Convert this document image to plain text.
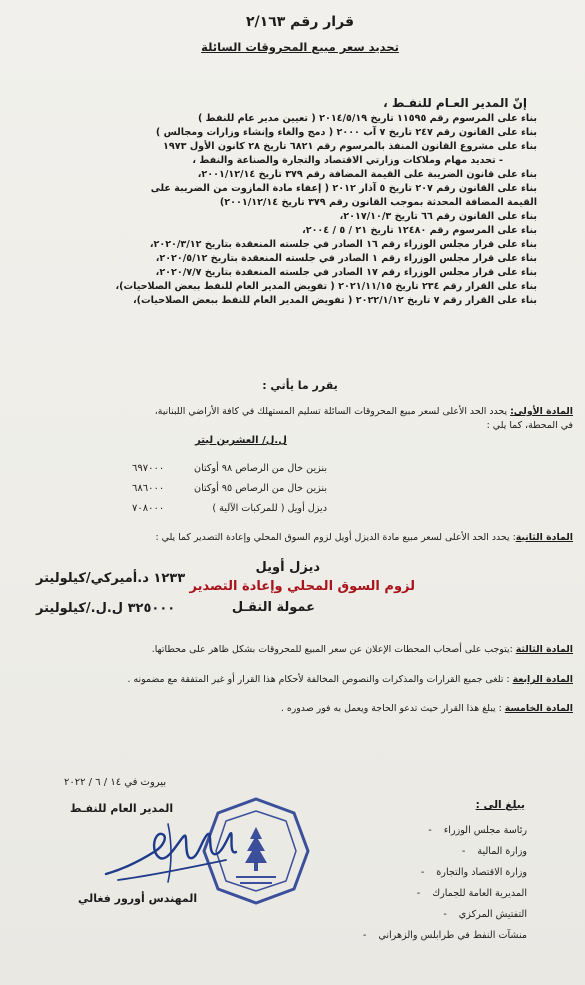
قرار رقم ٢/١٦٣
تحديد سعر مبيع المحروقات السائلة
إنّ المدير العـام للنفـط ،
بناء على المرسوم رقم ١١٥٩٥ تاريخ ٢٠١٤/٥/١٩ ( تعيين مدير عام للنفط )
بناء على القانون رقم ٢٤٧ تاريخ ٧ آب ٢٠٠٠ ( دمج والغاء وإنشاء وزارات ومجالس )
بناء على مشروع القانون المنفذ بالمرسوم رقم ٦٨٢١ تاريخ ٢٨ كانون الأول ١٩٧٣
- تحديد مهام وملاكات وزارتي الاقتصاد والتجارة والصناعة والنفط ،
بناء على قانون الضريبة على القيمة المضافة رقم ٣٧٩ تاريخ ٢٠٠١/١٢/١٤،
بناء على القانون رقم ٢٠٧ تاريخ ٥ آذار ٢٠١٢ ( إعفاء مادة المازوت من الضريبة على
القيمة المضافة المحدثة بموجب القانون رقم ٣٧٩ تاريخ ٢٠٠١/١٢/١٤)
بناء على القانون رقم ٦٦ تاريخ ٢٠١٧/١٠/٣،
بناء على المرسوم رقم ١٢٤٨٠ تاريخ ٢١ / ٥ / ٢٠٠٤،
بناء على قرار مجلس الوزراء رقم ١٦ الصادر في جلسته المنعقدة بتاريخ ٢٠٢٠/٣/١٢،
بناء على قرار مجلس الوزراء رقم ١ الصادر في جلسته المنعقدة بتاريخ ٢٠٢٠/٥/١٢،
بناء على قرار مجلس الوزراء رقم ١٧ الصادر في جلسته المنعقدة بتاريخ ٢٠٢٠/٧/٧،
بناء على القرار رقم ٢٣٤ تاريخ ٢٠٢١/١١/١٥ ( تفويض المدير العام للنفط ببعض الصلاحيات)،
بناء على القرار رقم ٧ تاريخ ٢٠٢٢/١/١٢ ( تفويض المدير العام للنفط ببعض الصلاحيات)،
يقرر ما يأتي :
المادة الأولى: يحدد الحد الأعلى لسعر مبيع المحروقات السائلة تسليم المستهلك في كافة الأراضي اللبنانية،
في المحطة، كما يلي :
ل.ل/ العشرين ليتر
بنزين خال من الرصاص ٩٨ أوكتان
٦٩٧٠٠٠
بنزين خال من الرصاص ٩٥ أوكتان
٦٨٦٠٠٠
ديزل أويل ( للمركبات الآلية )
٧٠٨٠٠٠
المادة الثانية: يحدد الحد الأعلى لسعر مبيع مادة الديزل أويل لزوم السوق المحلي وإعادة التصدير كما يلي :
ديزل أويل
١٢٣٣ د.أميركي/كيلوليتر
لزوم السوق المحلي وإعادة التصدير
عمولة النقـل
٣٢٥٠٠٠ ل.ل./كيلوليتر
المادة الثالثة :يتوجب على أصحاب المحطات الإعلان عن سعر المبيع للمحروقات بشكل ظاهر على محطاتها.
المادة الرابعة : تلغى جميع القرارات والمذكرات والنصوص المخالفة لأحكام هذا القرار أو غير المتفقة مع مضمونه .
المادة الخامسة : يبلغ هذا القرار حيث تدعو الحاجة ويعمل به فور صدوره .
بيروت في ١٤ / ٦ / ٢٠٢٢
يبلغ الى :
رئاسة مجلس الوزراء -
وزارة المالية -
وزارة الاقتصاد والتجارة -
المديرية العامة للجمارك -
التفتيش المركزي -
منشآت النفط في طرابلس والزهراني -
المدير العام للنفـط
المهندس أورور فغالي
